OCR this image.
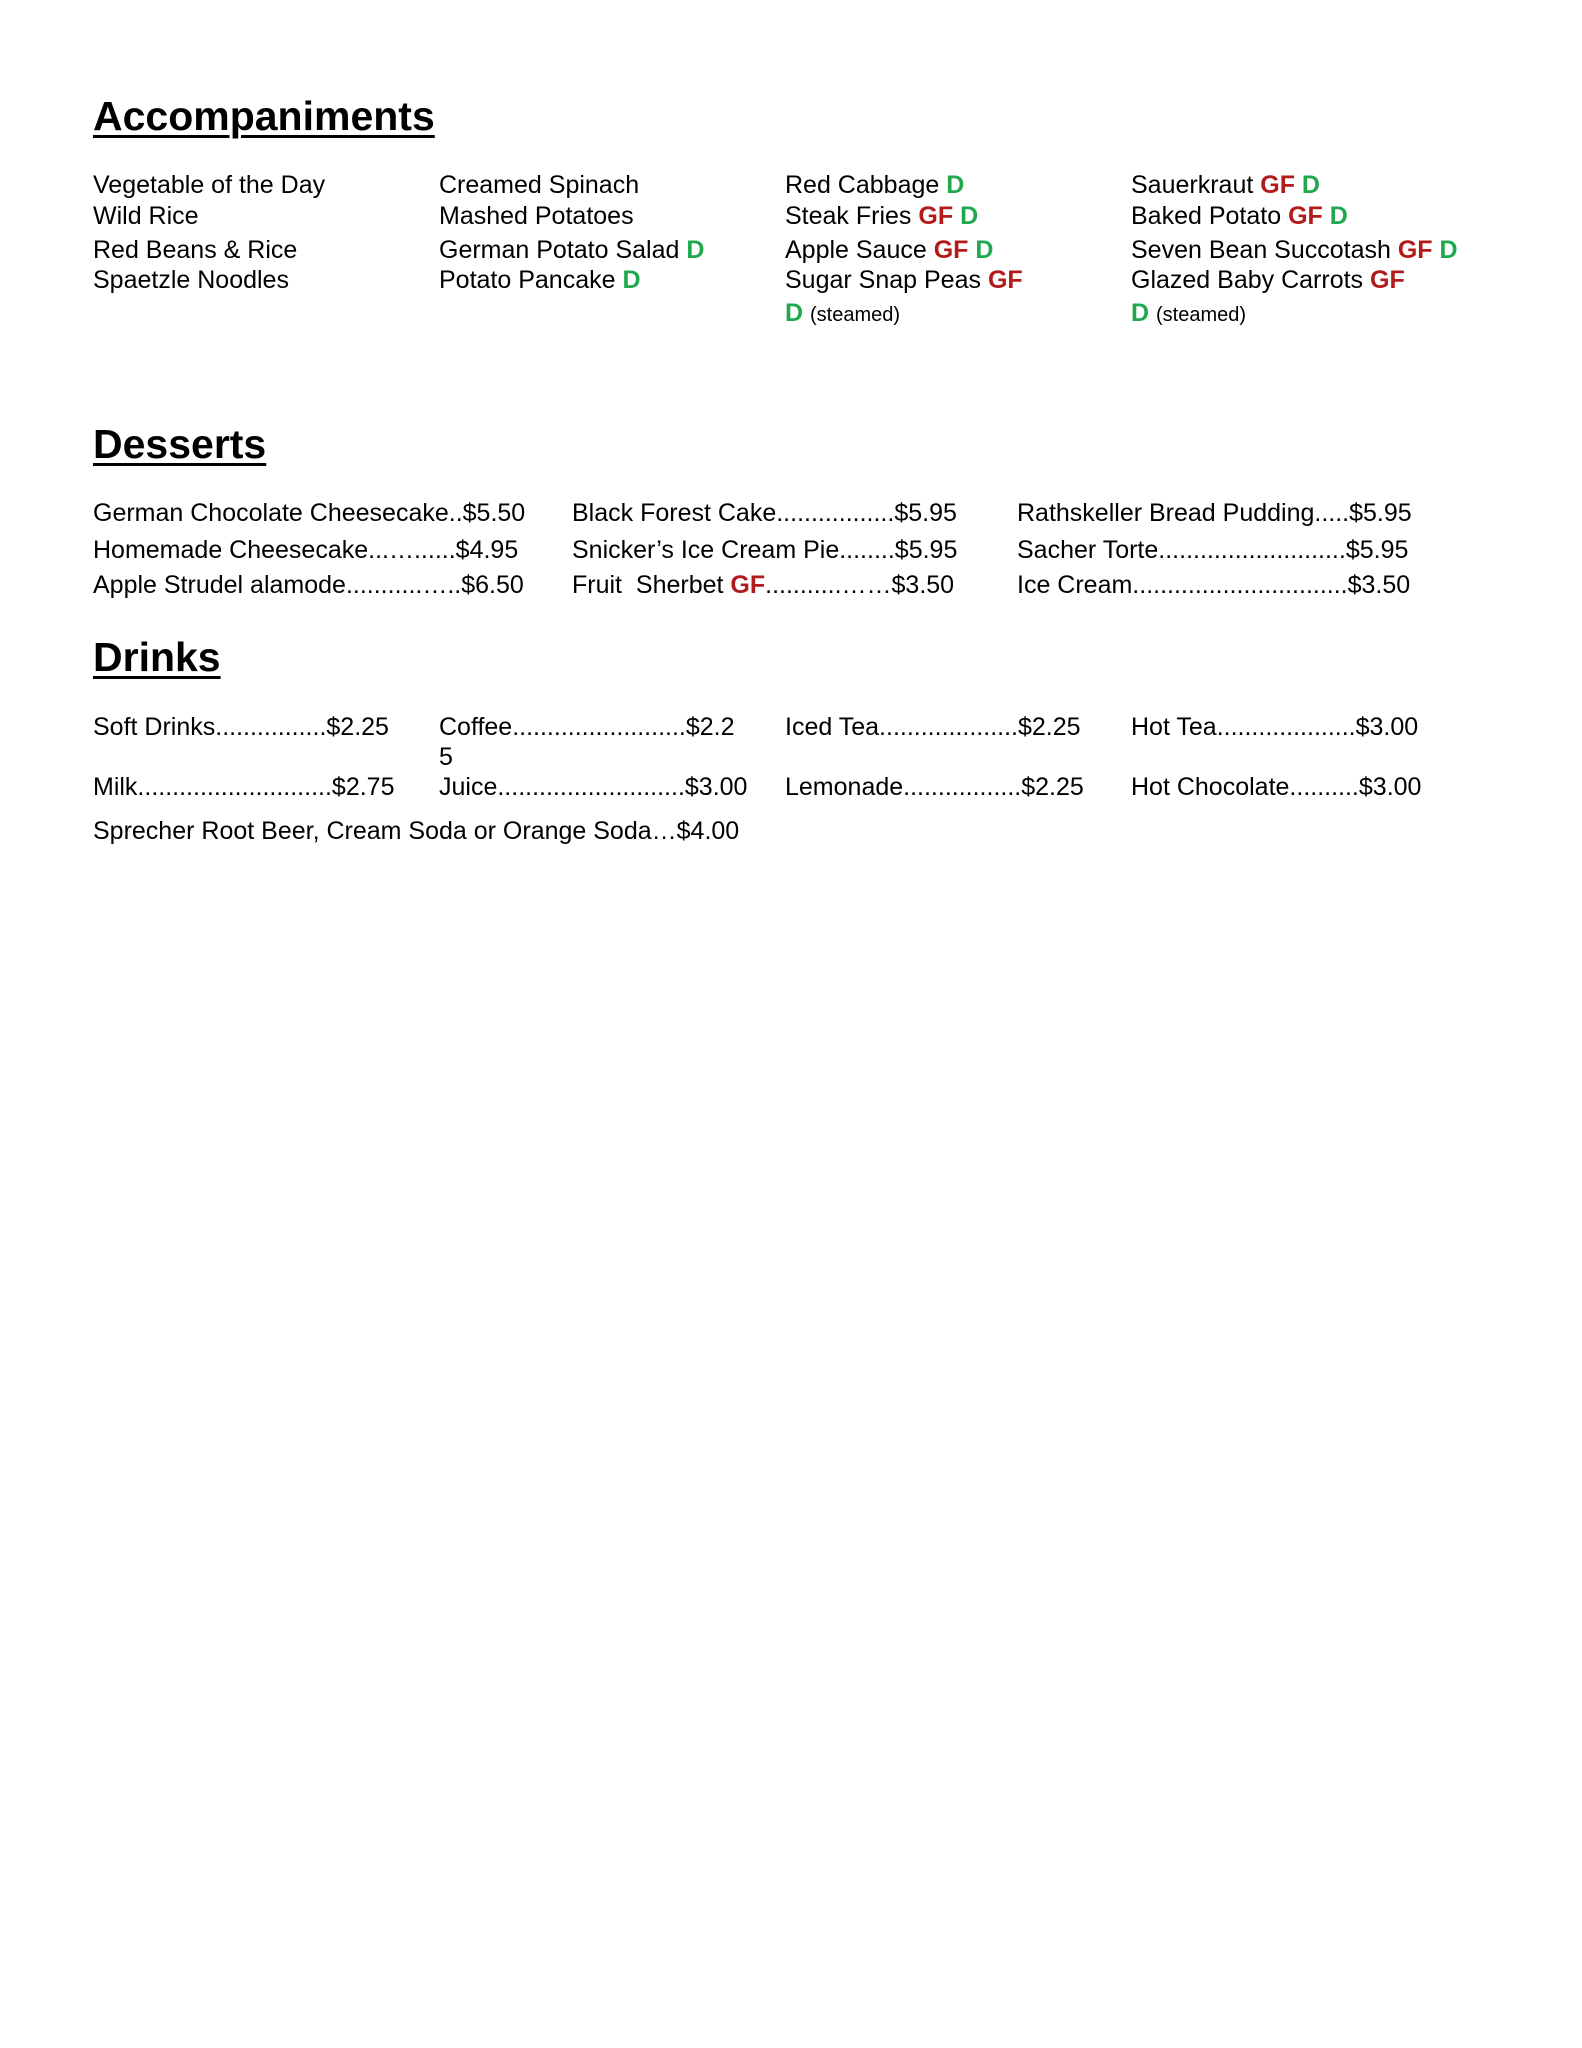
Accompaniments
Vegetable of the Day
Wild Rice
Red Beans & Rice
Spaetzle Noodles
Creamed Spinach
Mashed Potatoes
German Potato Salad D
Potato Pancake D
Red Cabbage D
Steak Fries GF D
Apple Sauce GF D
Sugar Snap Peas GF
D (steamed)
Sauerkraut GF D
Baked Potato GF D
Seven Bean Succotash GF D
Glazed Baby Carrots GF
D (steamed)
Desserts
German Chocolate Cheesecake..$5.50
Homemade Cheesecake...…......$4.95
Apple Strudel alamode...........…..$6.50
Black Forest Cake.................$5.95
Snicker’s Ice Cream Pie........$5.95
Fruit  Sherbet GF...........……$3.50
Rathskeller Bread Pudding.....$5.95
Sacher Torte...........................$5.95
Ice Cream...............................$3.50
Drinks
Soft Drinks................$2.25 Coffee.........................$2.2
5
Iced Tea....................$2.25 Hot Tea....................$3.00
Milk............................$2.75 Juice...........................$3.00 Lemonade.................$2.25 Hot Chocolate..........$3.00
Sprecher Root Beer, Cream Soda or Orange Soda…$4.00
